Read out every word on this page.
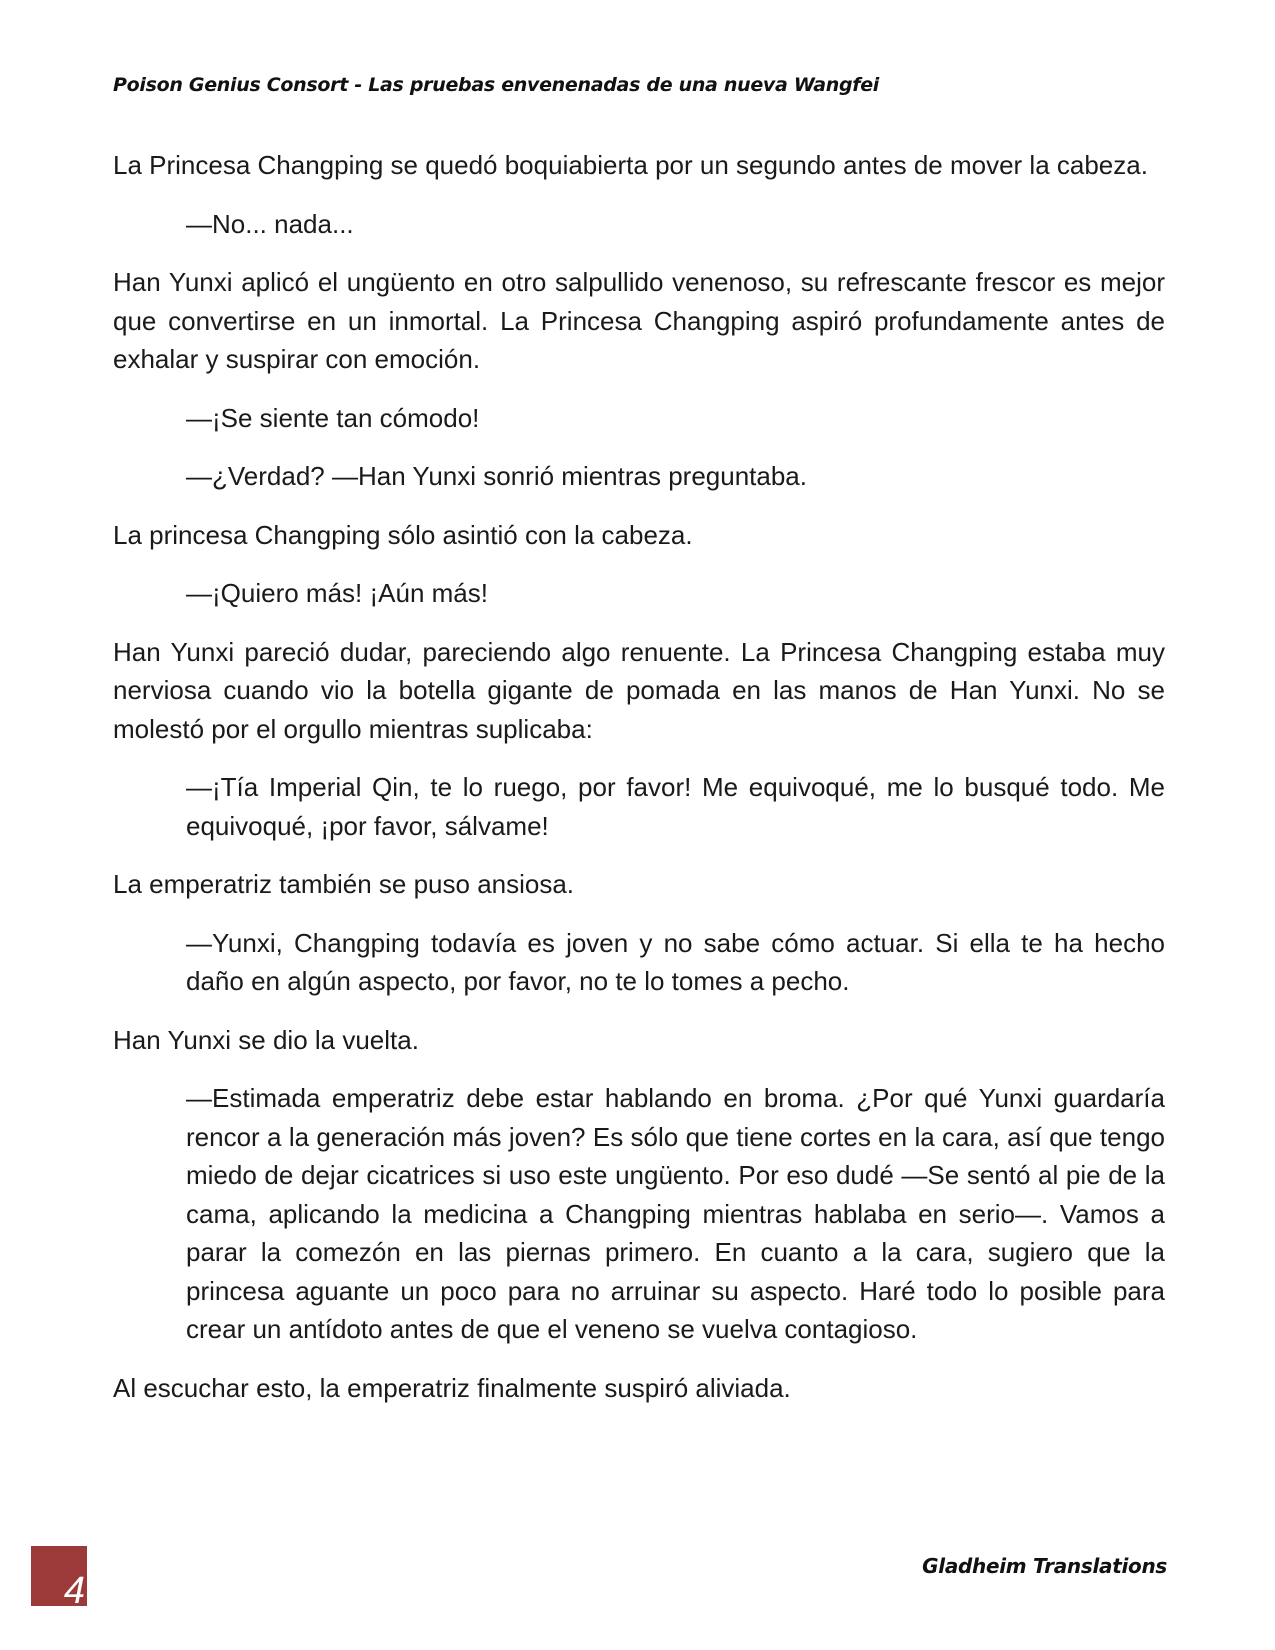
Poison Genius Consort - Las pruebas envenenadas de una nueva Wangfei

La Princesa Changping se quedó boquiabierta por un segundo antes de mover la cabeza.

—No... nada...

Han Yunxi aplicó el ungüento en otro salpullido venenoso, su refrescante frescor es mejor que convertirse en un inmortal. La Princesa Changping aspiró profundamente antes de exhalar y suspirar con emoción.

—¡Se siente tan cómodo!

—¿Verdad? —Han Yunxi sonrió mientras preguntaba.

La princesa Changping sólo asintió con la cabeza.

—¡Quiero más! ¡Aún más!

Han Yunxi pareció dudar, pareciendo algo renuente. La Princesa Changping estaba muy nerviosa cuando vio la botella gigante de pomada en las manos de Han Yunxi. No se molestó por el orgullo mientras suplicaba:

—¡Tía Imperial Qin, te lo ruego, por favor! Me equivoqué, me lo busqué todo. Me equivoqué, ¡por favor, sálvame!

La emperatriz también se puso ansiosa.

—Yunxi, Changping todavía es joven y no sabe cómo actuar. Si ella te ha hecho daño en algún aspecto, por favor, no te lo tomes a pecho.

Han Yunxi se dio la vuelta.

—Estimada emperatriz debe estar hablando en broma. ¿Por qué Yunxi guardaría rencor a la generación más joven? Es sólo que tiene cortes en la cara, así que tengo miedo de dejar cicatrices si uso este ungüento. Por eso dudé —Se sentó al pie de la cama, aplicando la medicina a Changping mientras hablaba en serio—. Vamos a parar la comezón en las piernas primero. En cuanto a la cara, sugiero que la princesa aguante un poco para no arruinar su aspecto. Haré todo lo posible para crear un antídoto antes de que el veneno se vuelva contagioso.

Al escuchar esto, la emperatriz finalmente suspiró aliviada.

4
Gladheim Translations
